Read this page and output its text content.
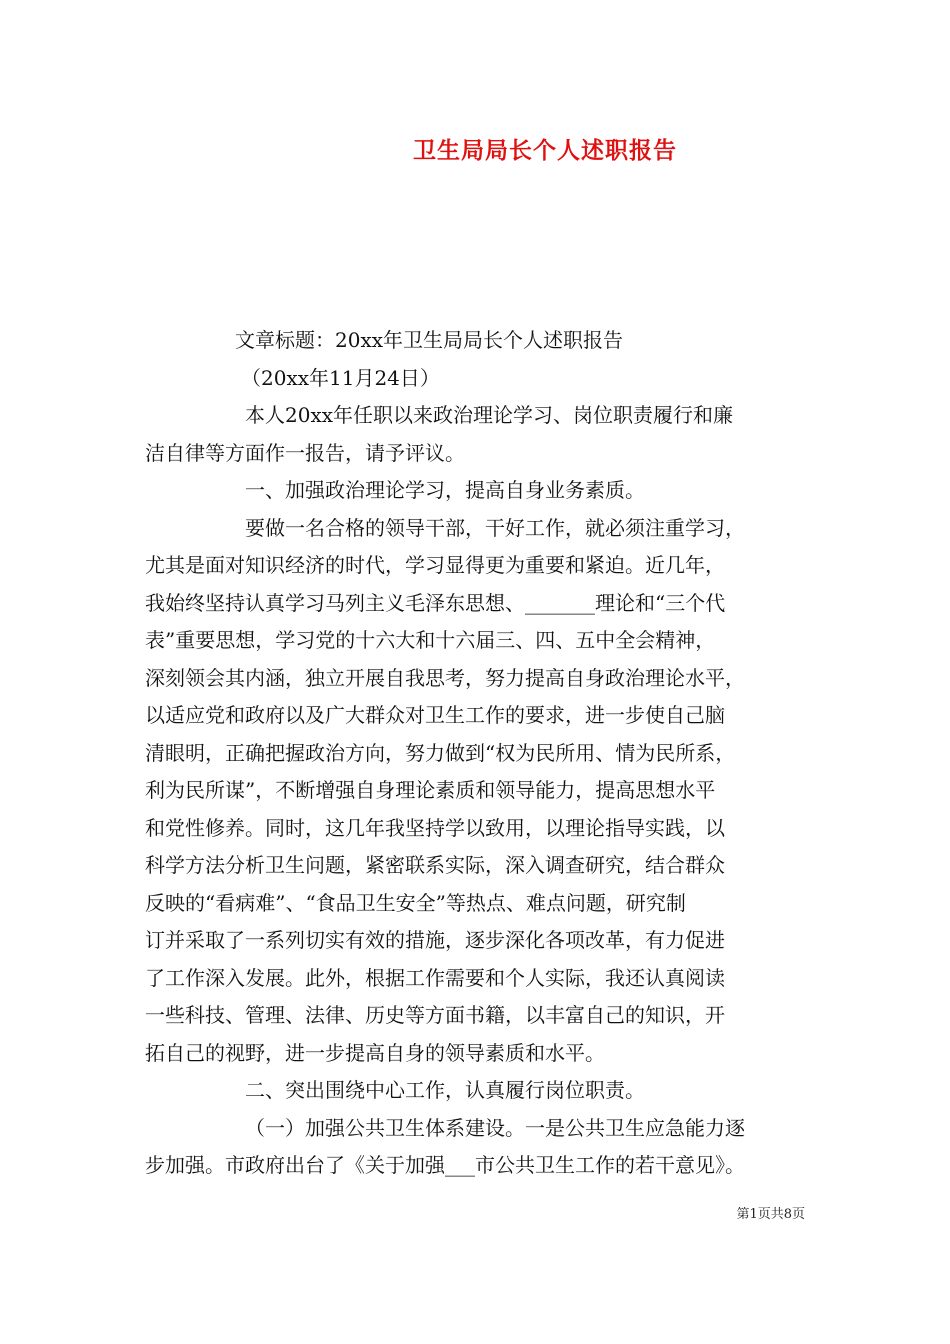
卫生局局长个人述职报告
文章标题：20xx年卫生局局长个人述职报告
（20xx年11月24日）
本人20xx年任职以来政治理论学习、岗位职责履行和廉
洁自律等方面作一报告，请予评议。
一、加强政治理论学习，提高自身业务素质。
要做一名合格的领导干部，干好工作，就必须注重学习，
尤其是面对知识经济的时代，学习显得更为重要和紧迫。近几年，
我始终坚持认真学习马列主义毛泽东思想、_______理论和“三个代
表”重要思想，学习党的十六大和十六届三、四、五中全会精神，
深刻领会其内涵，独立开展自我思考，努力提高自身政治理论水平，
以适应党和政府以及广大群众对卫生工作的要求，进一步使自己脑
清眼明，正确把握政治方向，努力做到“权为民所用、情为民所系，
利为民所谋”，不断增强自身理论素质和领导能力，提高思想水平
和党性修养。同时，这几年我坚持学以致用，以理论指导实践，以
科学方法分析卫生问题，紧密联系实际，深入调查研究，结合群众
反映的“看病难”、“食品卫生安全”等热点、难点问题，研究制
订并采取了一系列切实有效的措施，逐步深化各项改革，有力促进
了工作深入发展。此外，根据工作需要和个人实际，我还认真阅读
一些科技、管理、法律、历史等方面书籍，以丰富自己的知识，开
拓自己的视野，进一步提高自身的领导素质和水平。
二、突出围绕中心工作，认真履行岗位职责。
（一）加强公共卫生体系建设。一是公共卫生应急能力逐
步加强。市政府出台了《关于加强___市公共卫生工作的若干意见》。
第1页共8页
